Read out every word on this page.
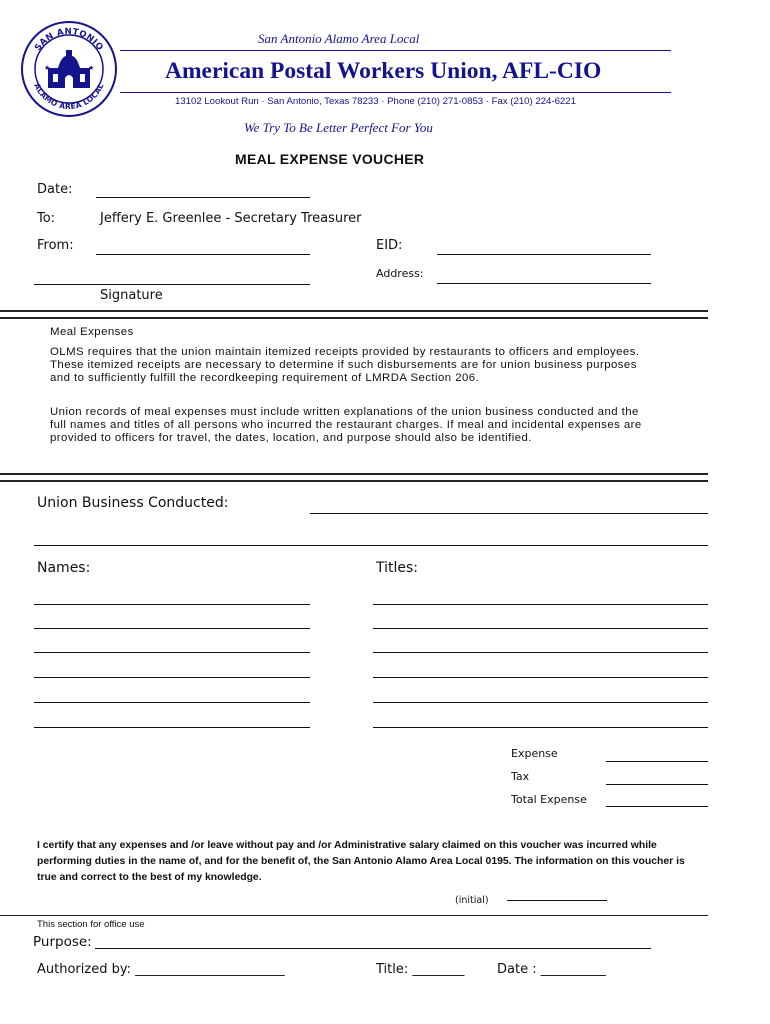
SAN ANTONIO
ALAMO AREA LOCAL
★	★
San Antonio Alamo Area Local
American Postal Workers Union, AFL-CIO
13102 Lookout Run · San Antonio, Texas 78233 · Phone (210) 271-0853 · Fax (210) 224-6221
We Try To Be Letter Perfect For You
MEAL EXPENSE VOUCHER
Date:
To:	Jeffery E. Greenlee - Secretary Treasurer
From:	EID:
Address:
Signature
Meal Expenses
OLMS requires that the union maintain itemized receipts provided by restaurants to officers and employees. These itemized receipts are necessary to determine if such disbursements are for union business purposes and to sufficiently fulfill the recordkeeping requirement of LMRDA Section 206.
Union records of meal expenses must include written explanations of the union business conducted and the full names and titles of all persons who incurred the restaurant charges. If meal and incidental expenses are provided to officers for travel, the dates, location, and purpose should also be identified.
Union Business Conducted:
Names:	Titles:
Expense
Tax
Total Expense
I certify that any expenses and /or leave without pay and /or Administrative salary claimed on this voucher was incurred while performing duties in the name of, and for the benefit of, the San Antonio Alamo Area Local 0195. The information on this voucher is true and correct to the best of my knowledge.
(initial)
This section for office use
Purpose:
Authorized by: _______________________	Title: ________	Date : __________
